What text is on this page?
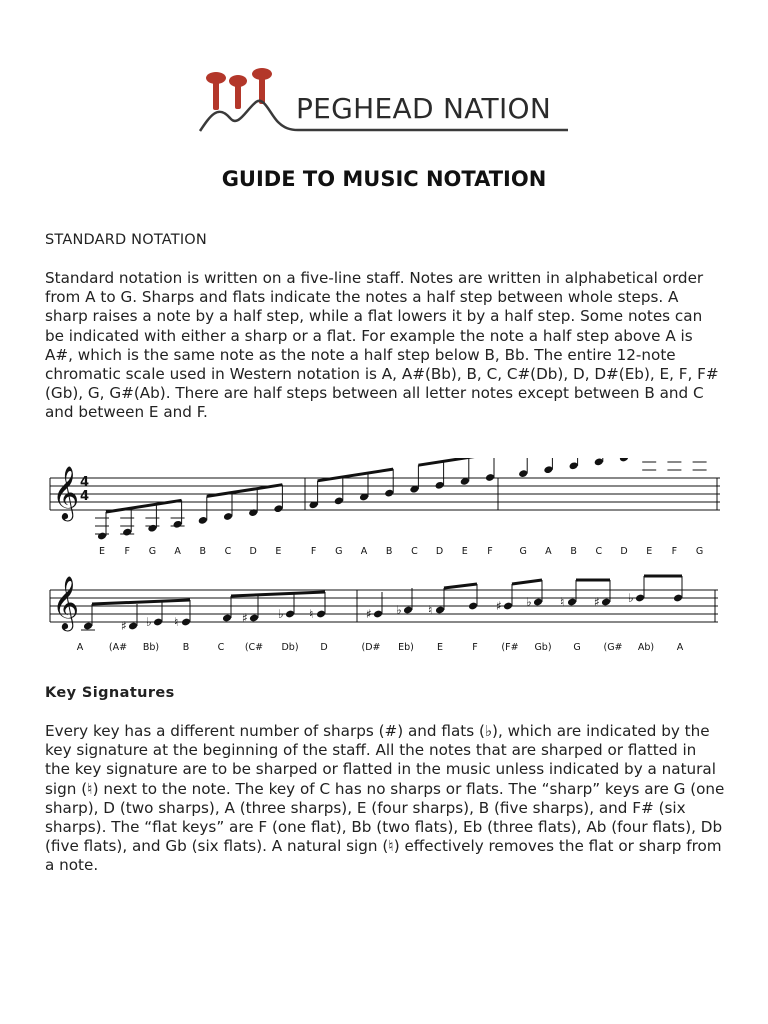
PEGHEAD NATION
GUIDE TO MUSIC NOTATION
STANDARD NOTATION

Standard notation is written on a five-line staff. Notes are written in alphabetical order from A to G. Sharps and flats indicate the notes a half step between whole steps. A sharp raises a note by a half step, while a flat lowers it by a half step. Some notes can be indicated with either a sharp or a flat. For example the note a half step above A is A#, which is the same note as the note a half step below B, Bb. The entire 12-note chromatic scale used in Western notation is A, A#(Bb), B, C, C#(Db), D, D#(Eb), E, F, F#(Gb), G, G#(Ab). There are half steps between all letter notes except between B and C and between E and F.

𝄞 4
4
E F G A B C D E	F G A B C D E F	G A B C D E F G
𝄞	♯ ♭ ♮	♯	♭ ♮	♯ ♭ ♮	♯ ♭ ♮ ♯ ♭
A	(A# Bb) B	C (C# Db) D	(D# Eb) E	F (F# Gb) G (G# Ab) A
Key Signatures

Every key has a different number of sharps (#) and flats (♭), which are indicated by the key signature at the beginning of the staff. All the notes that are sharped or flatted in the key signature are to be sharped or flatted in the music unless indicated by a natural sign (♮) next to the note. The key of C has no sharps or flats. The “sharp” keys are G (one sharp), D (two sharps), A (three sharps), E (four sharps), B (five sharps), and F# (six sharps). The “flat keys” are F (one flat), Bb (two flats), Eb (three flats), Ab (four flats), Db (five flats), and Gb (six flats). A natural sign (♮) effectively removes the flat or sharp from a note.
